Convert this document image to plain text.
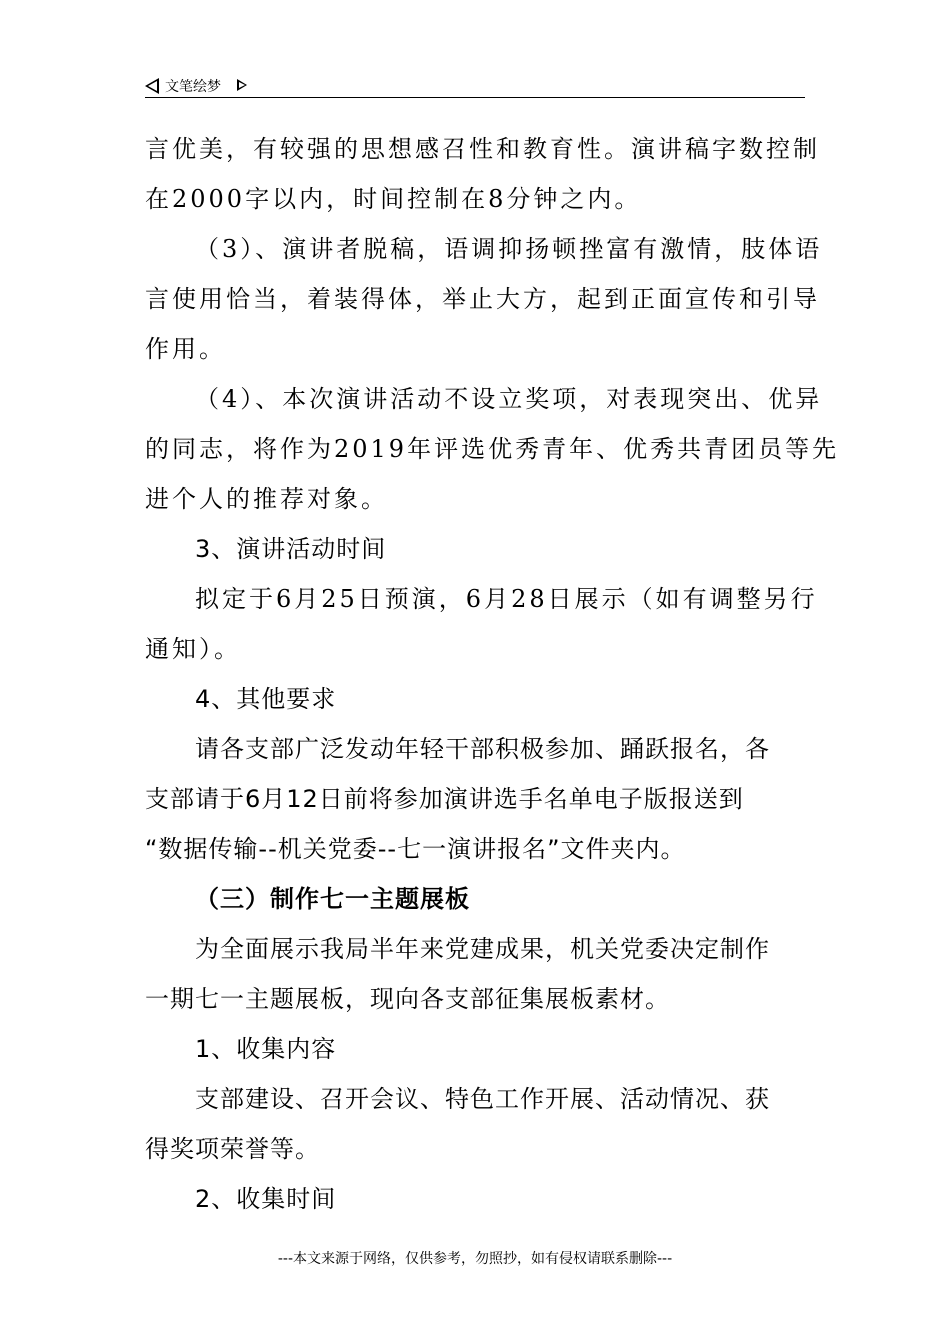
文笔绘梦
言优美，有较强的思想感召性和教育性。演讲稿字数控制
在2000字以内，时间控制在8分钟之内。
（3）、演讲者脱稿，语调抑扬顿挫富有激情，肢体语
言使用恰当，着装得体，举止大方，起到正面宣传和引导
作用。
（4）、本次演讲活动不设立奖项，对表现突出、优异
的同志，将作为2019年评选优秀青年、优秀共青团员等先
进个人的推荐对象。
3、演讲活动时间
拟定于6月25日预演，6月28日展示（如有调整另行
通知）。
4、其他要求
请各支部广泛发动年轻干部积极参加、踊跃报名，各
支部请于6月12日前将参加演讲选手名单电子版报送到
“数据传输--机关党委--七一演讲报名”文件夹内。
（三）制作七一主题展板
为全面展示我局半年来党建成果，机关党委决定制作
一期七一主题展板，现向各支部征集展板素材。
1、收集内容
支部建设、召开会议、特色工作开展、活动情况、获
得奖项荣誉等。
2、收集时间
---本文来源于网络，仅供参考，勿照抄，如有侵权请联系删除---
